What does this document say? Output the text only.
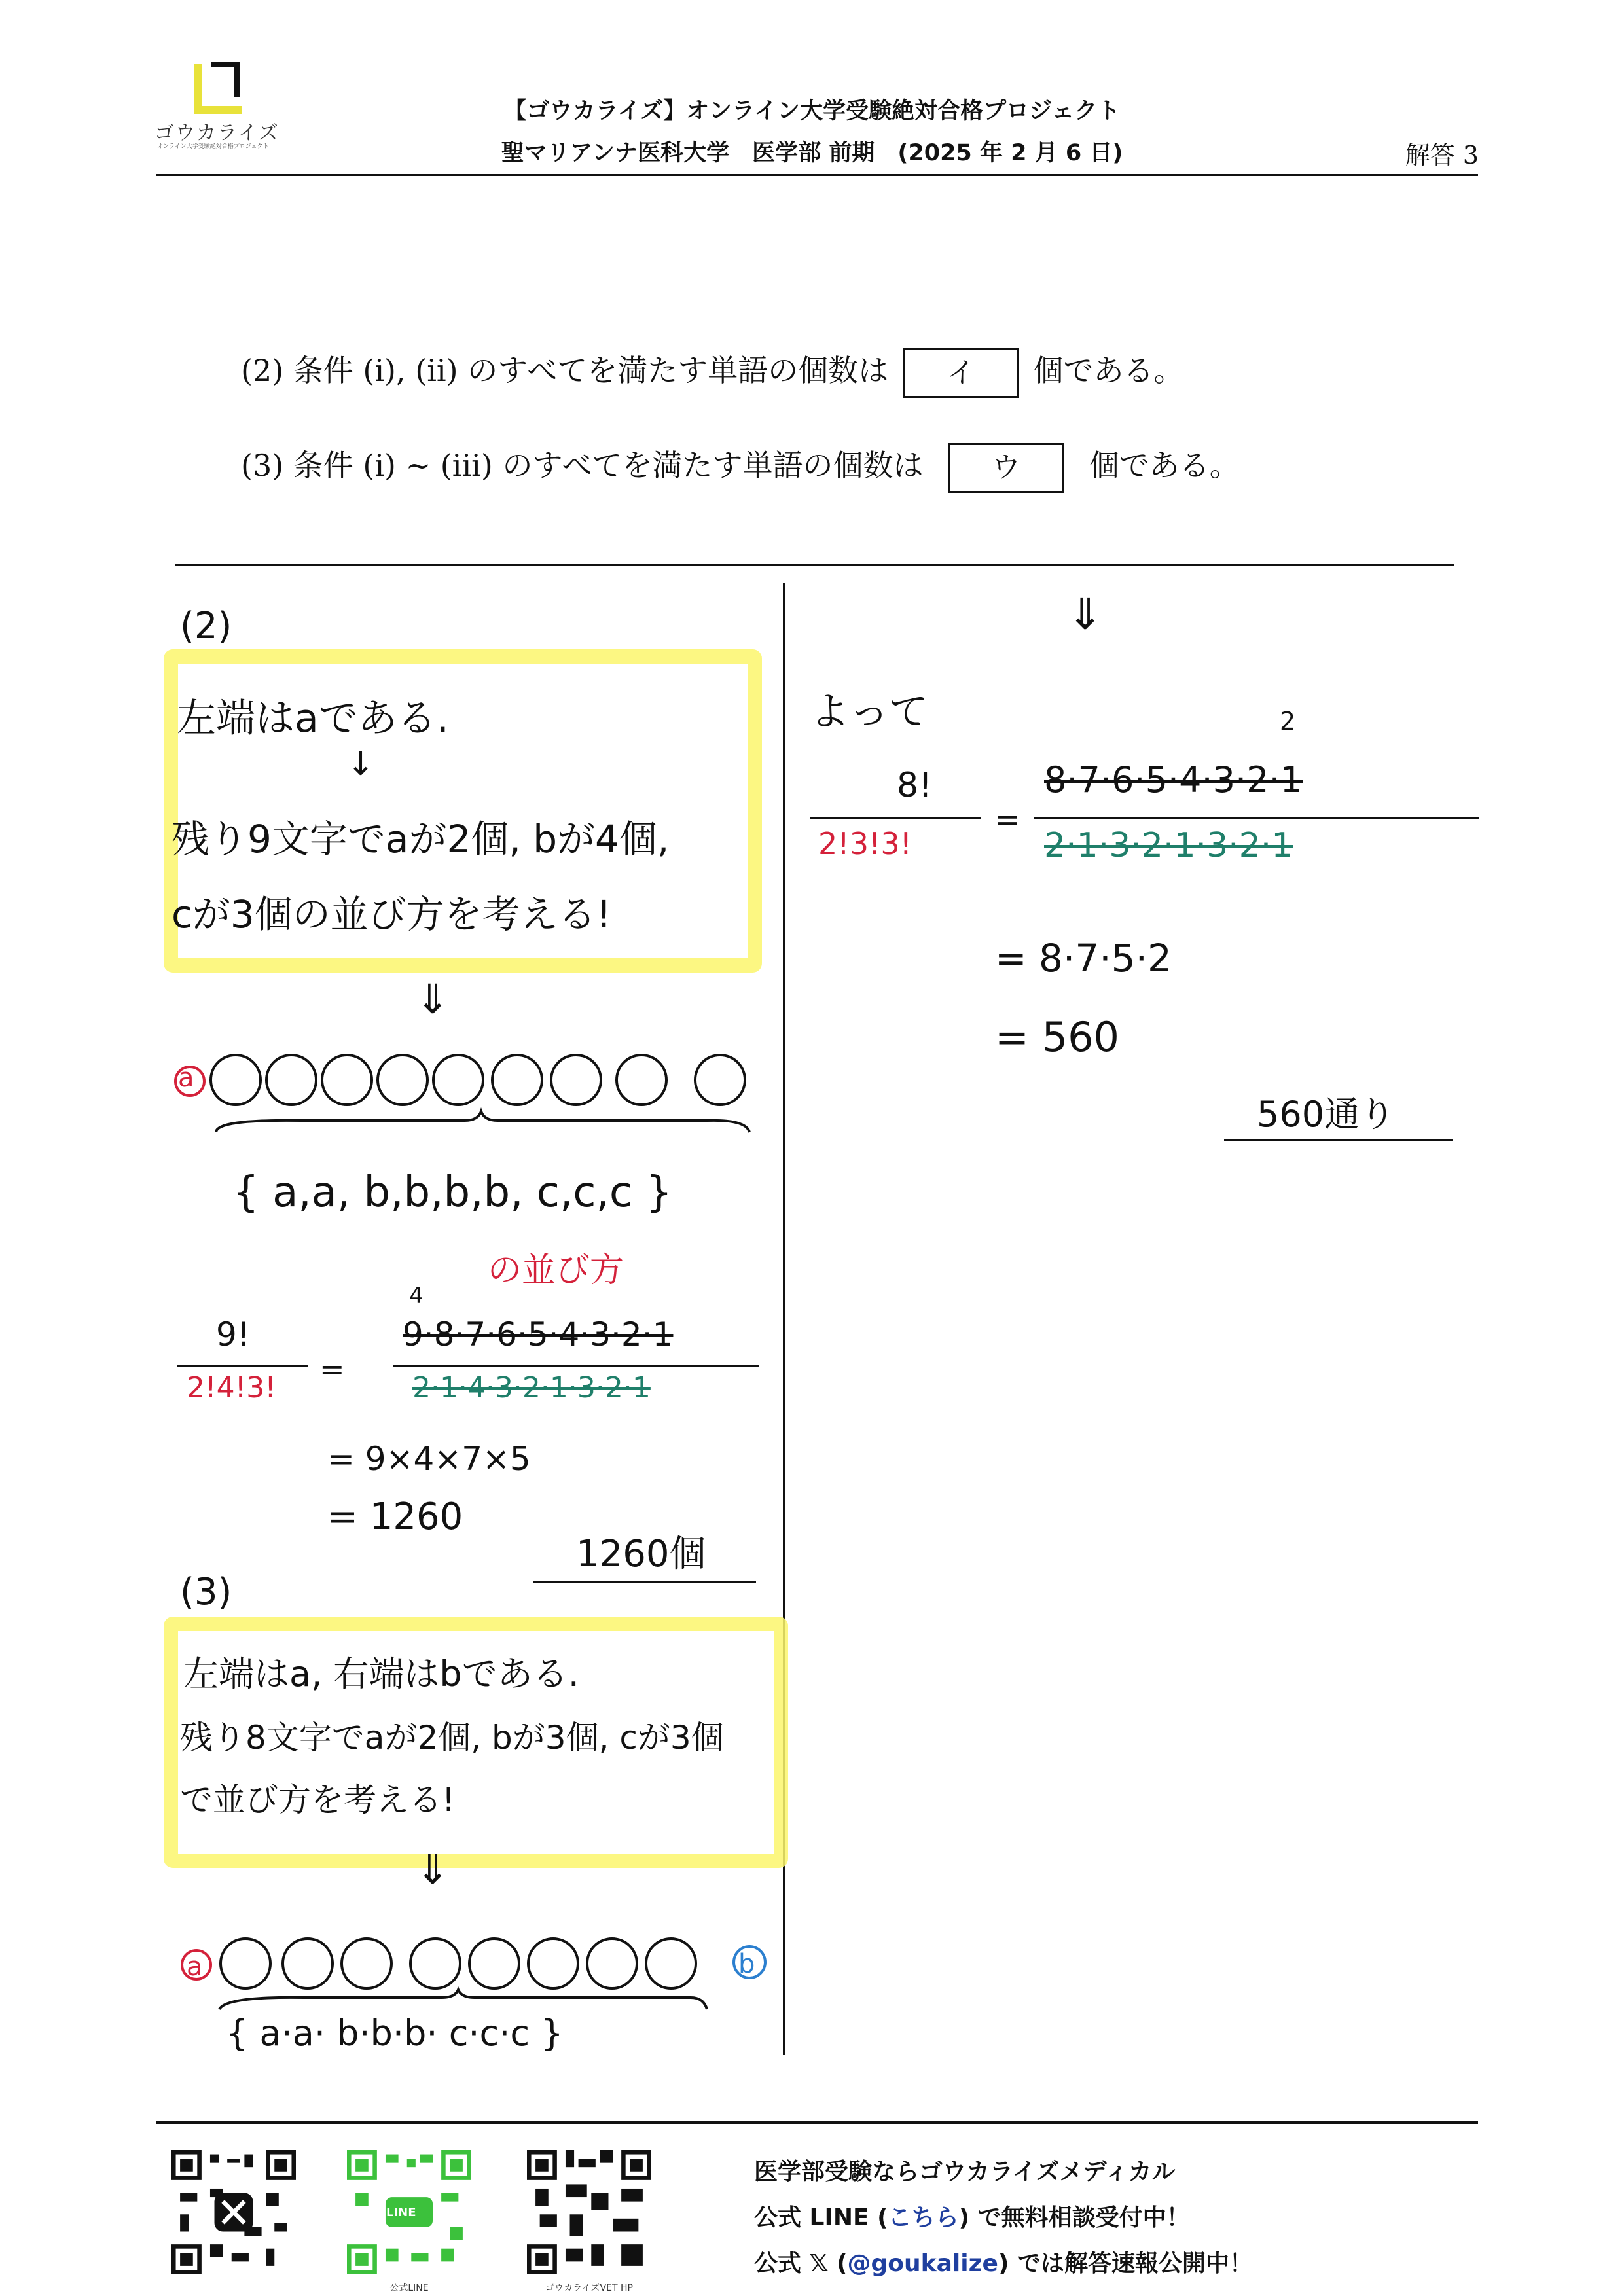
ゴウカライズ
オンライン大学受験絶対合格プロジェクト
【ゴウカライズ】オンライン大学受験絶対合格プロジェクト
聖マリアンナ医科大学　医学部 前期　(2025 年 2 月 6 日)	解答 3
(2) 条件 (i), (ii) のすべてを満たす単語の個数は イ 個である。
(3) 条件 (i) ∼ (iii) のすべてを満たす単語の個数は ウ 個である。
(2)
左端はaである.
↓
残り9文字でaが2個, bが4個,
cが3個の並び方を考える!
⇓
a
{ a,a, b,b,b,b, c,c,c }
の並び方
9!
2!4!3!
=
4
9·8·7·6·5·4·3·2·1
2·1·4·3·2·1·3·2·1
= 9×4×7×5
= 1260
1260個
(3)
左端はa, 右端はbである.
残り8文字でaが2個, bが3個, cが3個
で並び方を考える!
⇓
a	b
{ a·a· b·b·b· c·c·c }
⇓
よって
8!
2!3!3!
=
2
8·7·6·5·4·3·2·1
2·1·3·2·1·3·2·1
= 8·7·5·2
= 560
560通り
LINE
公式LINE	ゴウカライズVET HP
医学部受験ならゴウカライズメディカル
公式 LINE (こちら) で無料相談受付中！
公式 𝕏 (@goukalize) では解答速報公開中！
